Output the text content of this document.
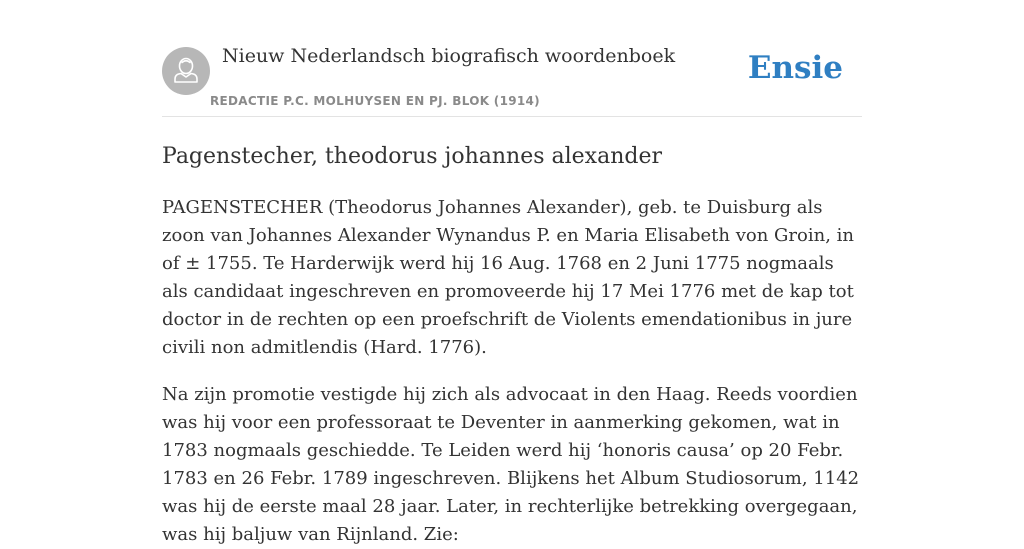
Nieuw Nederlandsch biografisch woordenboek
REDACTIE P.C. MOLHUYSEN EN PJ. BLOK (1914)
Ensie
Pagenstecher, theodorus johannes alexander

PAGENSTECHER (Theodorus Johannes Alexander), geb. te Duisburg als zoon van Johannes Alexander Wynandus P. en Maria Elisabeth von Groin, in of ± 1755. Te Harderwijk werd hij 16 Aug. 1768 en 2 Juni 1775 nogmaals als candidaat ingeschreven en promoveerde hij 17 Mei 1776 met de kap tot doctor in de rechten op een proefschrift de Violents emendationibus in jure civili non admitlendis (Hard. 1776).

Na zijn promotie vestigde hij zich als advocaat in den Haag. Reeds voordien was hij voor een professoraat te Deventer in aanmerking gekomen, wat in 1783 nogmaals geschiedde. Te Leiden werd hij ‘honoris causa’ op 20 Febr. 1783 en 26 Febr. 1789 ingeschreven. Blijkens het Album Studiosorum, 1142 was hij de eerste maal 28 jaar. Later, in rechterlijke betrekking overgegaan, was hij baljuw van Rijnland. Zie:
